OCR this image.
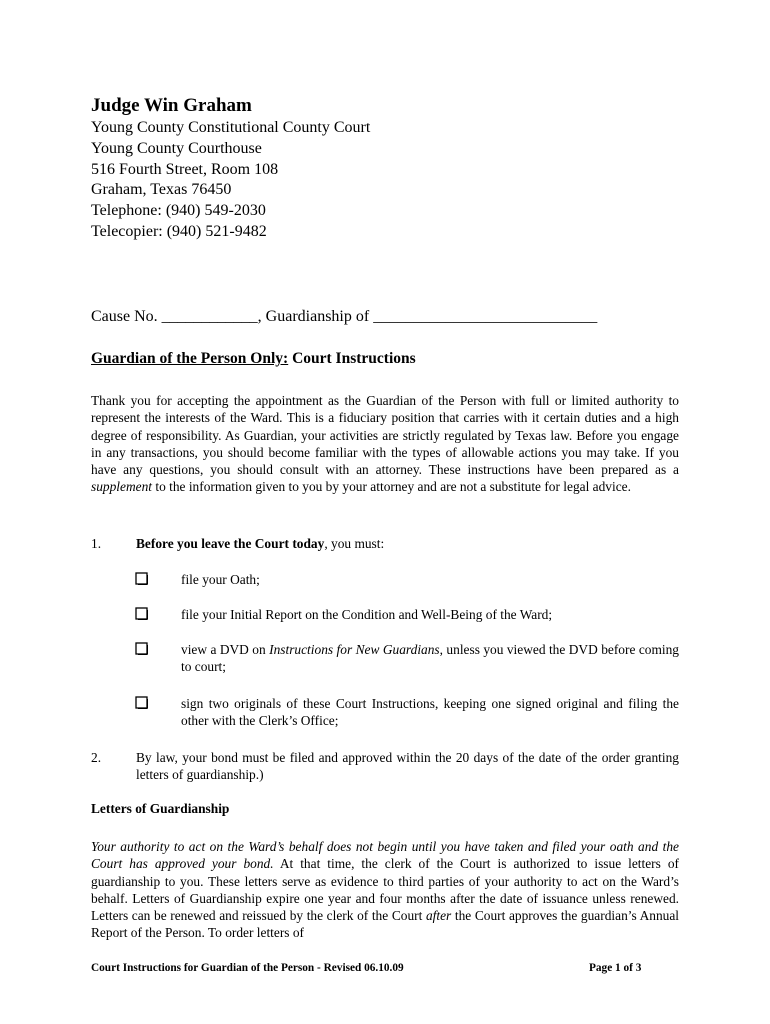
Judge Win Graham
Young County Constitutional County Court
Young County Courthouse
516 Fourth Street, Room 108
Graham, Texas 76450
Telephone: (940) 549-2030
Telecopier: (940) 521-9482
Cause No. ____________, Guardianship of ____________________________
Guardian of the Person Only: Court Instructions
Thank you for accepting the appointment as the Guardian of the Person with full or limited authority to represent the interests of the Ward. This is a fiduciary position that carries with it certain duties and a high degree of responsibility. As Guardian, your activities are strictly regulated by Texas law. Before you engage in any transactions, you should become familiar with the types of allowable actions you may take. If you have any questions, you should consult with an attorney. These instructions have been prepared as a supplement to the information given to you by your attorney and are not a substitute for legal advice.
1.	Before you leave the Court today, you must:
file your Oath;
file your Initial Report on the Condition and Well-Being of the Ward;
view a DVD on Instructions for New Guardians, unless you viewed the DVD before coming to court;
sign two originals of these Court Instructions, keeping one signed original and filing the other with the Clerk’s Office;
2.	By law, your bond must be filed and approved within the 20 days of the date of the order granting letters of guardianship.)
Letters of Guardianship
Your authority to act on the Ward’s behalf does not begin until you have taken and filed your oath and the Court has approved your bond. At that time, the clerk of the Court is authorized to issue letters of guardianship to you. These letters serve as evidence to third parties of your authority to act on the Ward’s behalf. Letters of Guardianship expire one year and four months after the date of issuance unless renewed. Letters can be renewed and reissued by the clerk of the Court after the Court approves the guardian’s Annual Report of the Person. To order letters of
Court Instructions for Guardian of the Person - Revised 06.10.09	Page 1 of 3
